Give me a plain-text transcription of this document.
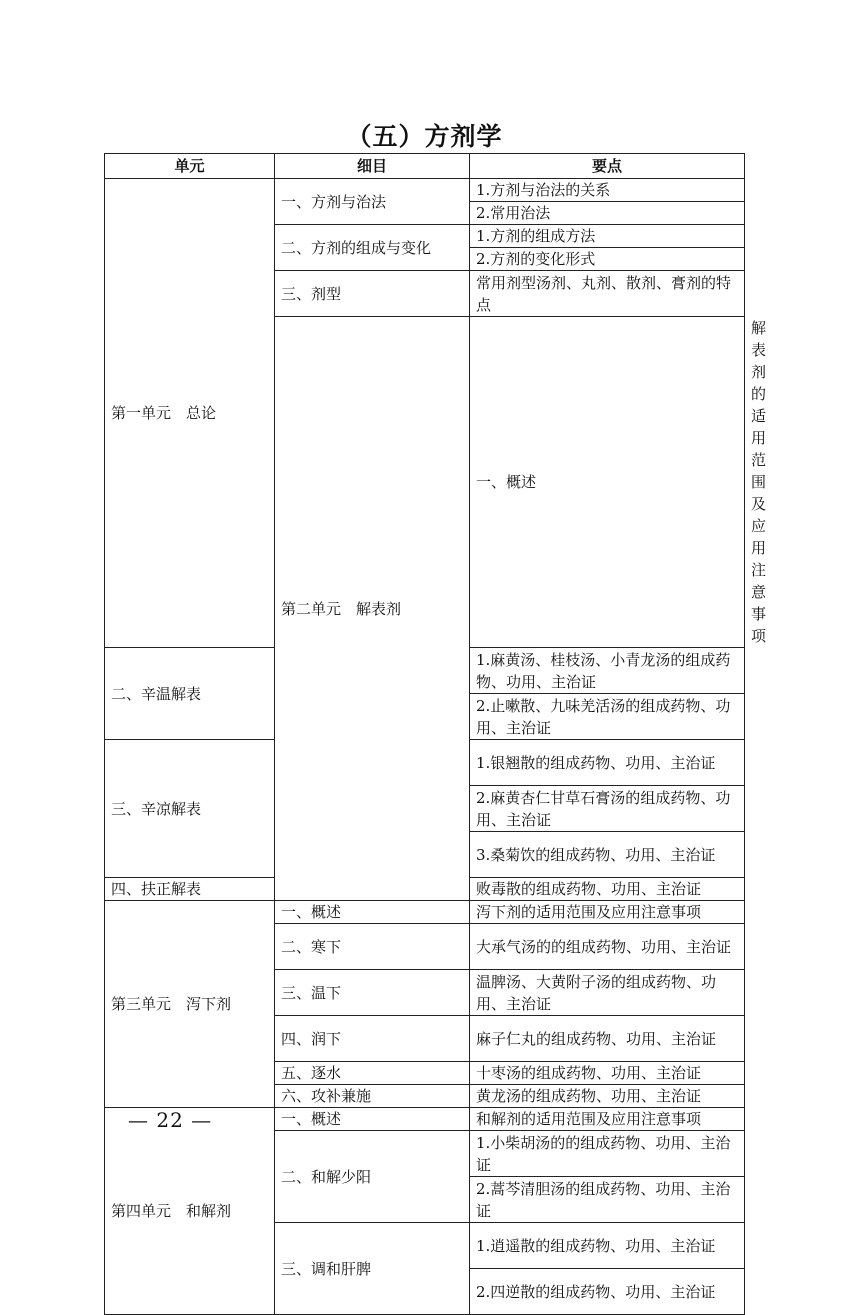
（五）方剂学
单元	细目	要点	
第一单元　总论	一、方剂与治法	1.方剂与治法的关系	
		2.常用治法	
	二、方剂的组成与变化	1.方剂的组成方法	
		2.方剂的变化形式	
	三、剂型	常用剂型汤剂、丸剂、散剂、膏剂的特点	
	第二单元　解表剂	一、概述	解表剂的适用范围及应用注意事项
二、辛温解表		1.麻黄汤、桂枝汤、小青龙汤的组成药物、功用、主治证	
		2.止嗽散、九味羌活汤的组成药物、功用、主治证	
三、辛凉解表		1.银翘散的组成药物、功用、主治证	
		2.麻黄杏仁甘草石膏汤的组成药物、功用、主治证	
		3.桑菊饮的组成药物、功用、主治证	
四、扶正解表		败毒散的组成药物、功用、主治证	
第三单元　泻下剂	一、概述	泻下剂的适用范围及应用注意事项	
	二、寒下	大承气汤的的组成药物、功用、主治证	
	三、温下	温脾汤、大黄附子汤的组成药物、功用、主治证	
	四、润下	麻子仁丸的组成药物、功用、主治证	
	五、逐水	十枣汤的组成药物、功用、主治证	
	六、攻补兼施	黄龙汤的组成药物、功用、主治证	
第四单元　和解剂	一、概述	和解剂的适用范围及应用注意事项	
	二、和解少阳	1.小柴胡汤的的组成药物、功用、主治证	
		2.蒿芩清胆汤的组成药物、功用、主治证	
	三、调和肝脾	1.逍遥散的组成药物、功用、主治证	
		2.四逆散的组成药物、功用、主治证	
— 22 —
